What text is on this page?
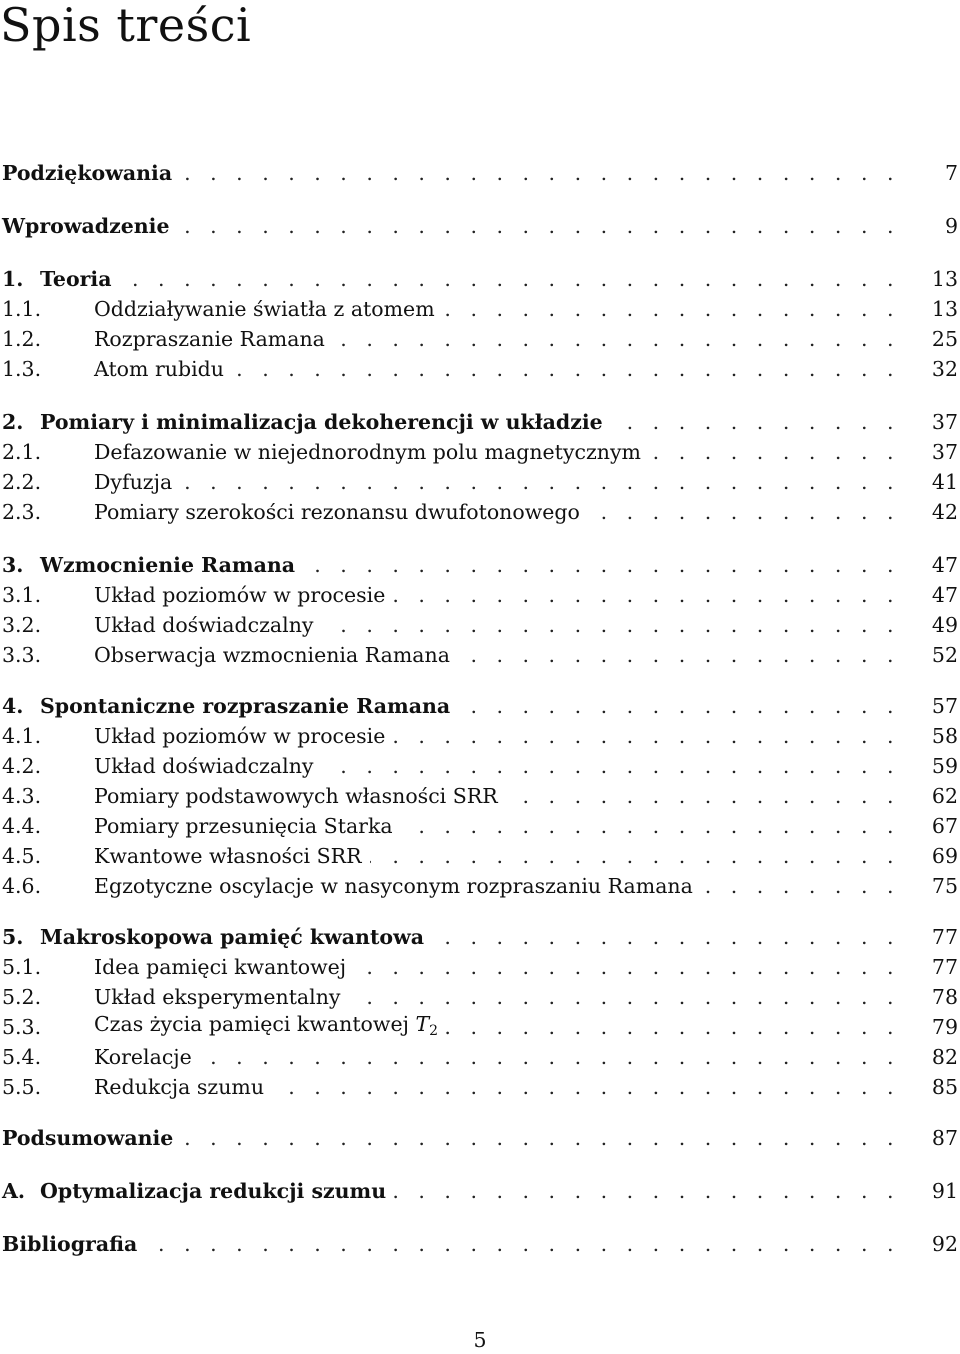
Spis treści
Podziękowania . . .	7
Wprowadzenie . . .	9
1. Teoria . . .	13
1.1.	Oddziaływanie światła z atomem . . .	13
1.2.	Rozpraszanie Ramana . . .	25
1.3.	Atom rubidu . . .	32
2. Pomiary i minimalizacja dekoherencji w układzie . . .	37
2.1.	Defazowanie w niejednorodnym polu magnetycznym . . .	37
2.2.	Dyfuzja . . .	41
2.3.	Pomiary szerokości rezonansu dwufotonowego . . .	42
3. Wzmocnienie Ramana . . .	47
3.1.	Układ poziomów w procesie . . .	47
3.2.	Układ doświadczalny . . .	49
3.3.	Obserwacja wzmocnienia Ramana . . .	52
4. Spontaniczne rozpraszanie Ramana . . .	57
4.1.	Układ poziomów w procesie . . .	58
4.2.	Układ doświadczalny . . .	59
4.3.	Pomiary podstawowych własności SRR . . .	62
4.4.	Pomiary przesunięcia Starka . . .	67
4.5.	Kwantowe własności SRR . . .	69
4.6.	Egzotyczne oscylacje w nasyconym rozpraszaniu Ramana . . .	75
5. Makroskopowa pamięć kwantowa . . .	77
5.1.	Idea pamięci kwantowej . . .	77
5.2.	Układ eksperymentalny . . .	78
5.3.	Czas życia pamięci kwantowej $T_2$ . . .	79
5.4.	Korelacje . . .	82
5.5.	Redukcja szumu . . .	85
Podsumowanie . . .	87
A. Optymalizacja redukcji szumu . . .	91
Bibliografia . . .	92
5
